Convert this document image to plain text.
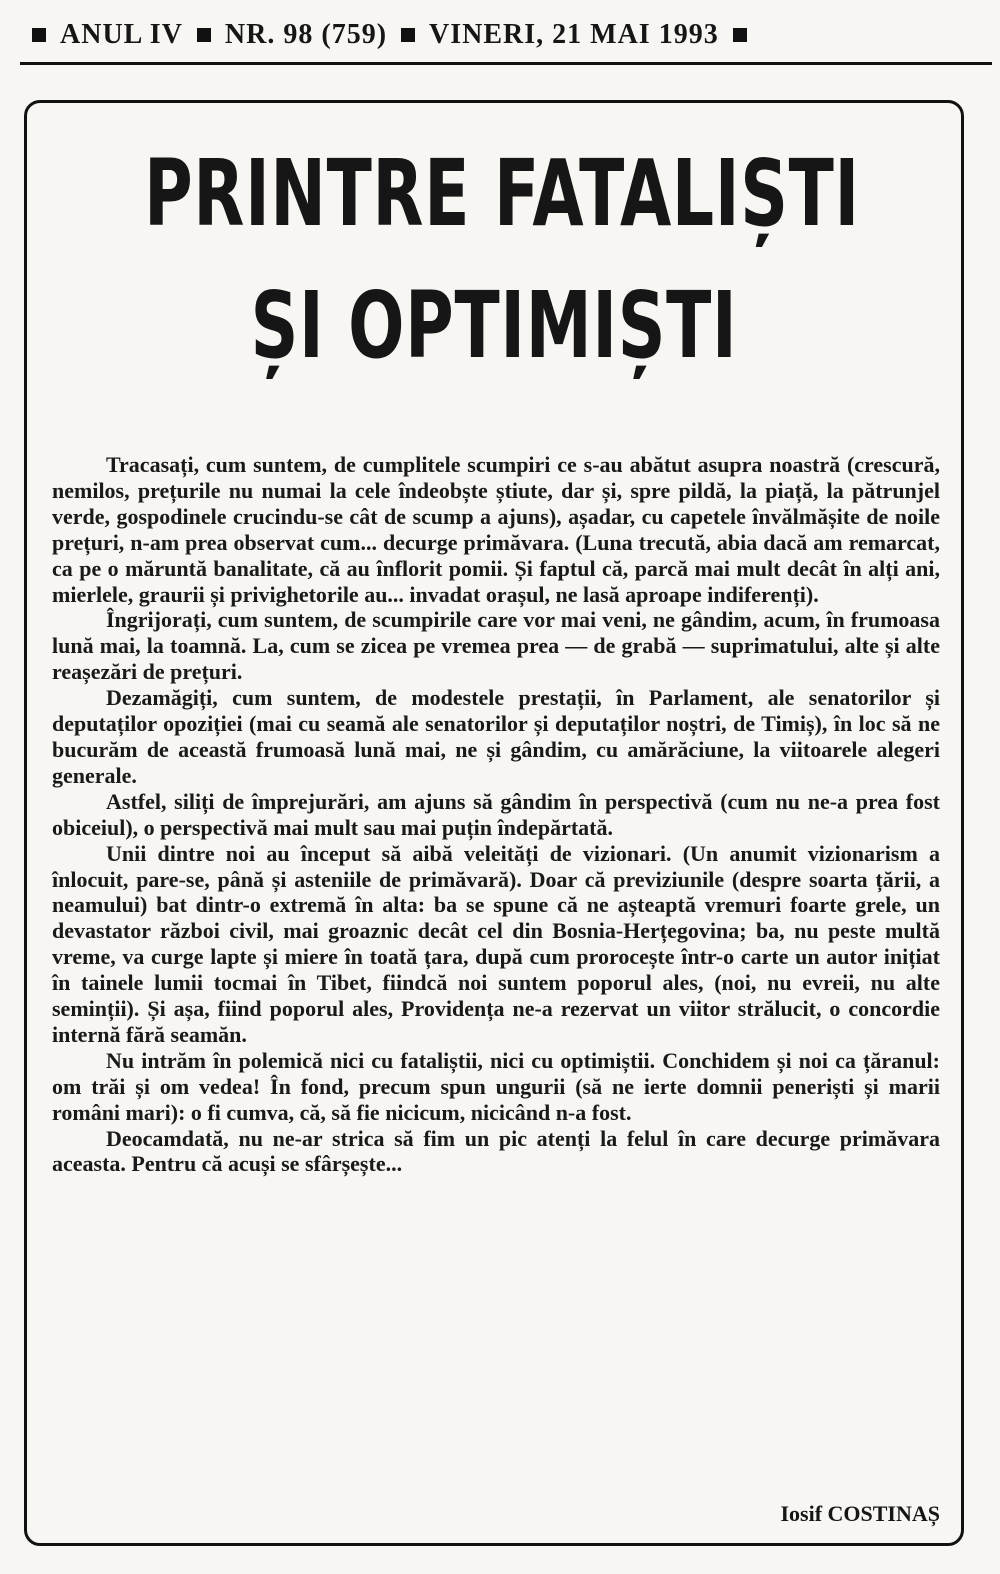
ANUL IV NR. 98 (759) VINERI, 21 MAI 1993
PRINTRE FATALIȘTI
ȘI OPTIMIȘTI

Tracasați, cum suntem, de cumplitele scumpiri ce s-au abătut asupra noastră (crescură, nemilos, prețurile nu numai la cele îndeobște știute, dar și, spre pildă, la piață, la pătrunjel verde, gospodinele crucindu-se cât de scump a ajuns), așadar, cu capetele învălmășite de noile prețuri, n-am prea observat cum... decurge primăvara. (Luna trecută, abia dacă am remarcat, ca pe o măruntă banalitate, că au înflorit pomii. Și faptul că, parcă mai mult decât în alți ani, mierlele, graurii și privighetorile au... invadat orașul, ne lasă aproape indiferenți).

Îngrijorați, cum suntem, de scumpirile care vor mai veni, ne gândim, acum, în frumoasa lună mai, la toamnă. La, cum se zicea pe vremea prea — de grabă — suprimatului, alte și alte reașezări de prețuri.

Dezamăgiți, cum suntem, de modestele prestații, în Parlament, ale senatorilor și deputaților opoziției (mai cu seamă ale senatorilor și deputaților noștri, de Timiș), în loc să ne bucurăm de această frumoasă lună mai, ne și gândim, cu amărăciune, la viitoarele alegeri generale.

Astfel, siliți de împrejurări, am ajuns să gândim în perspectivă (cum nu ne-a prea fost obiceiul), o perspectivă mai mult sau mai puțin îndepărtată.

Unii dintre noi au început să aibă veleități de vizionari. (Un anumit vizionarism a înlocuit, pare-se, până și asteniile de primăvară). Doar că previziunile (despre soarta țării, a neamului) bat dintr-o extremă în alta: ba se spune că ne așteaptă vremuri foarte grele, un devastator război civil, mai groaznic decât cel din Bosnia-Herțegovina; ba, nu peste multă vreme, va curge lapte și miere în toată țara, după cum prorocește într-o carte un autor inițiat în tainele lumii tocmai în Tibet, fiindcă noi suntem poporul ales, (noi, nu evreii, nu alte seminții). Și așa, fiind poporul ales, Providența ne-a rezervat un viitor strălucit, o concordie internă fără seamăn.

Nu intrăm în polemică nici cu fataliștii, nici cu optimiștii. Conchidem și noi ca țăranul: om trăi și om vedea! În fond, precum spun ungurii (să ne ierte domnii peneriști și marii români mari): o fi cumva, că, să fie nicicum, nicicând n-a fost.

Deocamdată, nu ne-ar strica să fim un pic atenți la felul în care decurge primăvara aceasta. Pentru că acuși se sfârșește...

Iosif COSTINAȘ
